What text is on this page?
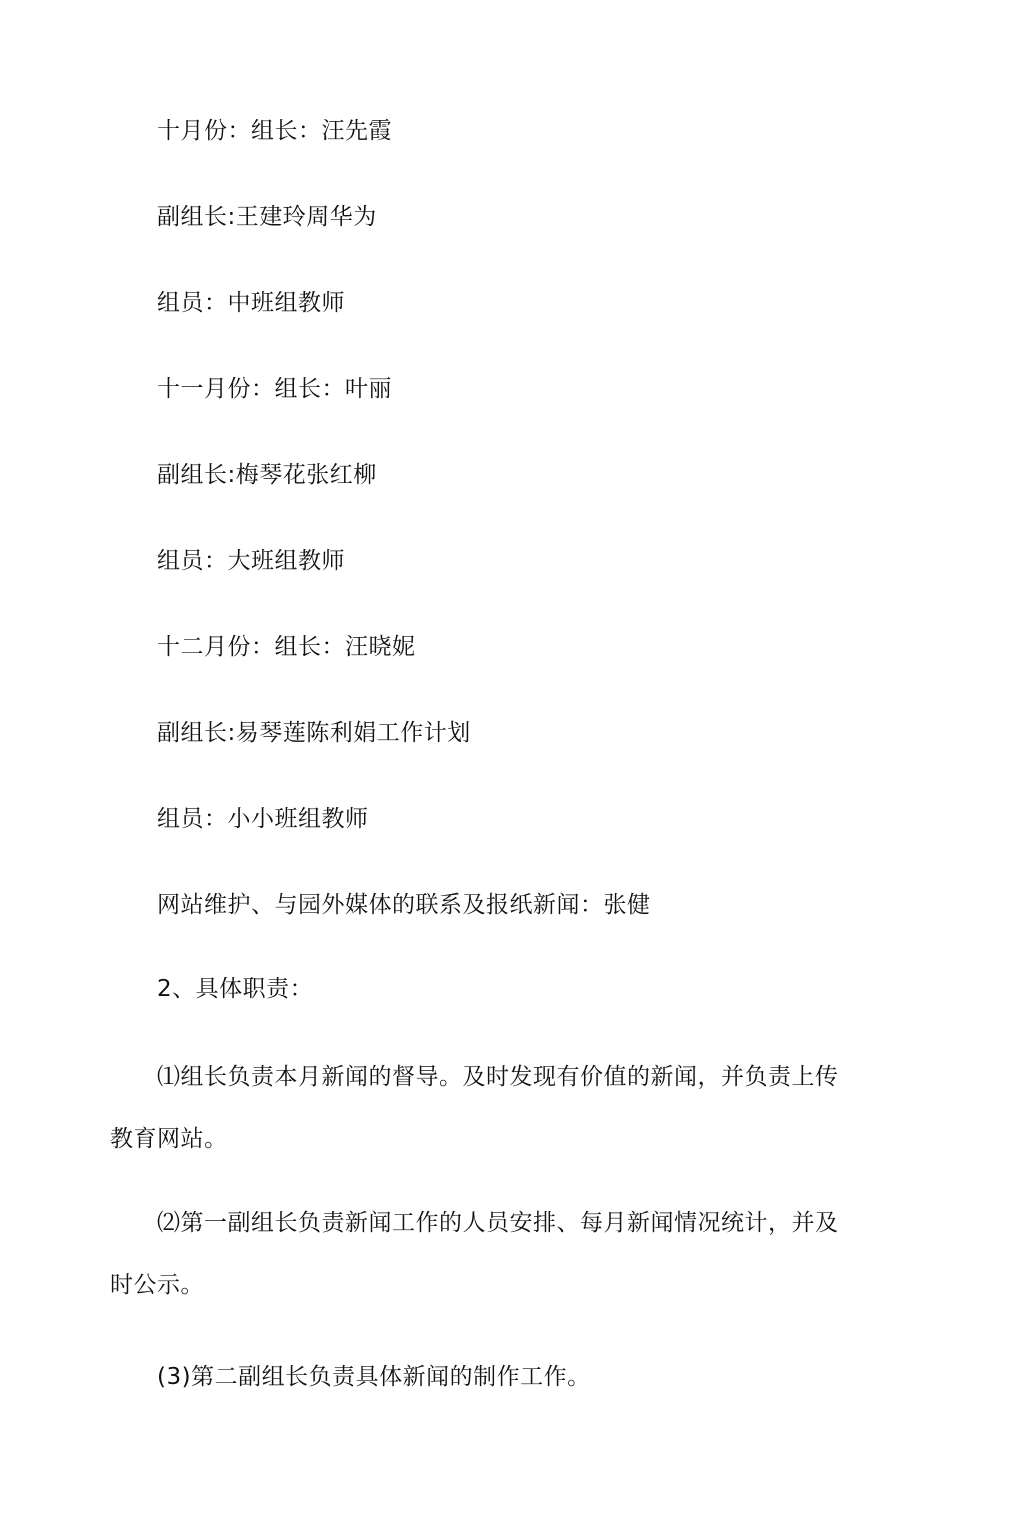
十月份：组长：汪先霞
副组长:王建玲周华为
组员：中班组教师
十一月份：组长：叶丽
副组长:梅琴花张红柳
组员：大班组教师
十二月份：组长：汪晓妮
副组长:易琴莲陈利娟工作计划
组员：小小班组教师
网站维护、与园外媒体的联系及报纸新闻：张健
2、具体职责：
⑴组长负责本月新闻的督导。及时发现有价值的新闻，并负责上传
教育网站。
⑵第一副组长负责新闻工作的人员安排、每月新闻情况统计，并及
时公示。
(3)第二副组长负责具体新闻的制作工作。
